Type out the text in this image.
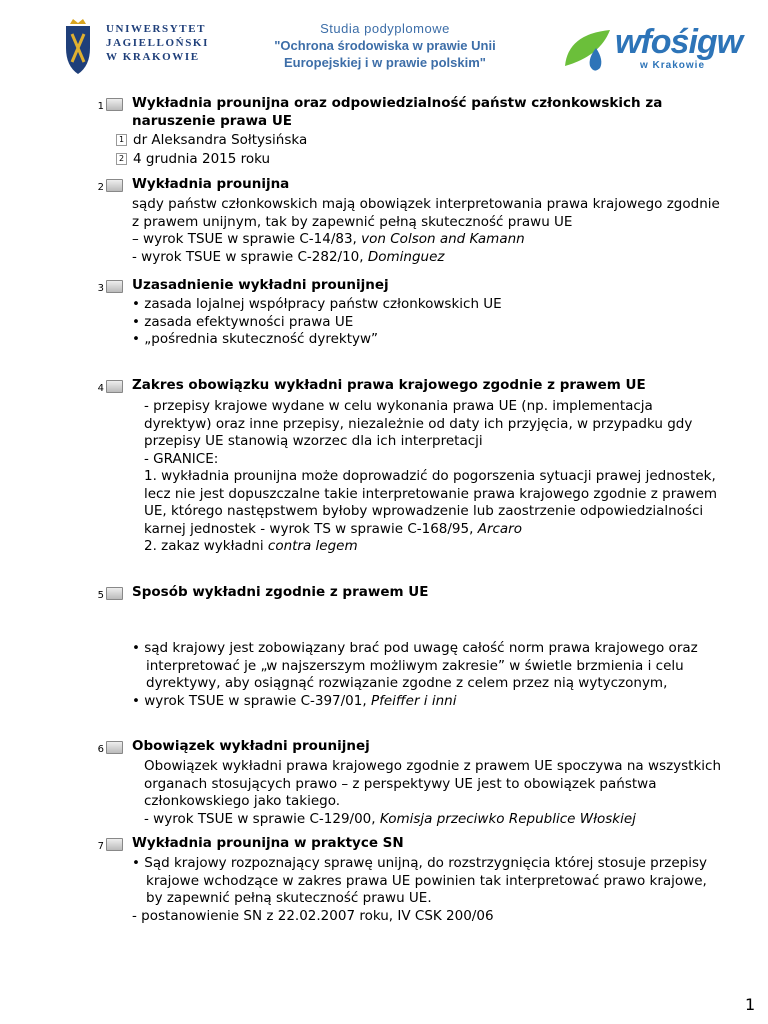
UNIWERSYTET
JAGIELLOŃSKI
W KRAKOWIE
Studia podyplomowe
"Ochrona środowiska w prawie Unii
Europejskiej i w prawie polskim"
wfośigw
w Krakowie
1 Wykładnia prounijna oraz odpowiedzialność państw członkowskich za
naruszenie prawa UE
1 dr Aleksandra Sołtysińska
2 4 grudnia 2015 roku
2 Wykładnia prounijna
sądy państw członkowskich mają obowiązek interpretowania prawa krajowego zgodnie
z prawem unijnym, tak by zapewnić pełną skuteczność prawu UE
– wyrok TSUE w sprawie C-14/83, von Colson and Kamann
- wyrok TSUE w sprawie C-282/10, Dominguez
3 Uzasadnienie wykładni prounijnej
• zasada lojalnej współpracy państw członkowskich UE
• zasada efektywności prawa UE
• „pośrednia skuteczność dyrektyw”
4 Zakres obowiązku wykładni prawa krajowego zgodnie z prawem UE
- przepisy krajowe wydane w celu wykonania prawa UE (np. implementacja
dyrektyw) oraz inne przepisy, niezależnie od daty ich przyjęcia, w przypadku gdy
przepisy UE stanowią wzorzec dla ich interpretacji
- GRANICE:
1. wykładnia prounijna może doprowadzić do pogorszenia sytuacji prawej jednostek,
lecz nie jest dopuszczalne takie interpretowanie prawa krajowego zgodnie z prawem
UE, którego następstwem byłoby wprowadzenie lub zaostrzenie odpowiedzialności
karnej jednostek - wyrok TS w sprawie C-168/95, Arcaro
2. zakaz wykładni contra legem
5 Sposób wykładni zgodnie z prawem UE
• sąd krajowy jest zobowiązany brać pod uwagę całość norm prawa krajowego oraz
interpretować je „w najszerszym możliwym zakresie” w świetle brzmienia i celu
dyrektywy, aby osiągnąć rozwiązanie zgodne z celem przez nią wytyczonym,
• wyrok TSUE w sprawie C-397/01, Pfeiffer i inni
6 Obowiązek wykładni prounijnej
Obowiązek wykładni prawa krajowego zgodnie z prawem UE spoczywa na wszystkich
organach stosujących prawo – z perspektywy UE jest to obowiązek państwa
członkowskiego jako takiego.
- wyrok TSUE w sprawie C-129/00, Komisja przeciwko Republice Włoskiej
7 Wykładnia prounijna w praktyce SN
• Sąd krajowy rozpoznający sprawę unijną, do rozstrzygnięcia której stosuje przepisy
krajowe wchodzące w zakres prawa UE powinien tak interpretować prawo krajowe,
by zapewnić pełną skuteczność prawu UE.
- postanowienie SN z 22.02.2007 roku, IV CSK 200/06
1
